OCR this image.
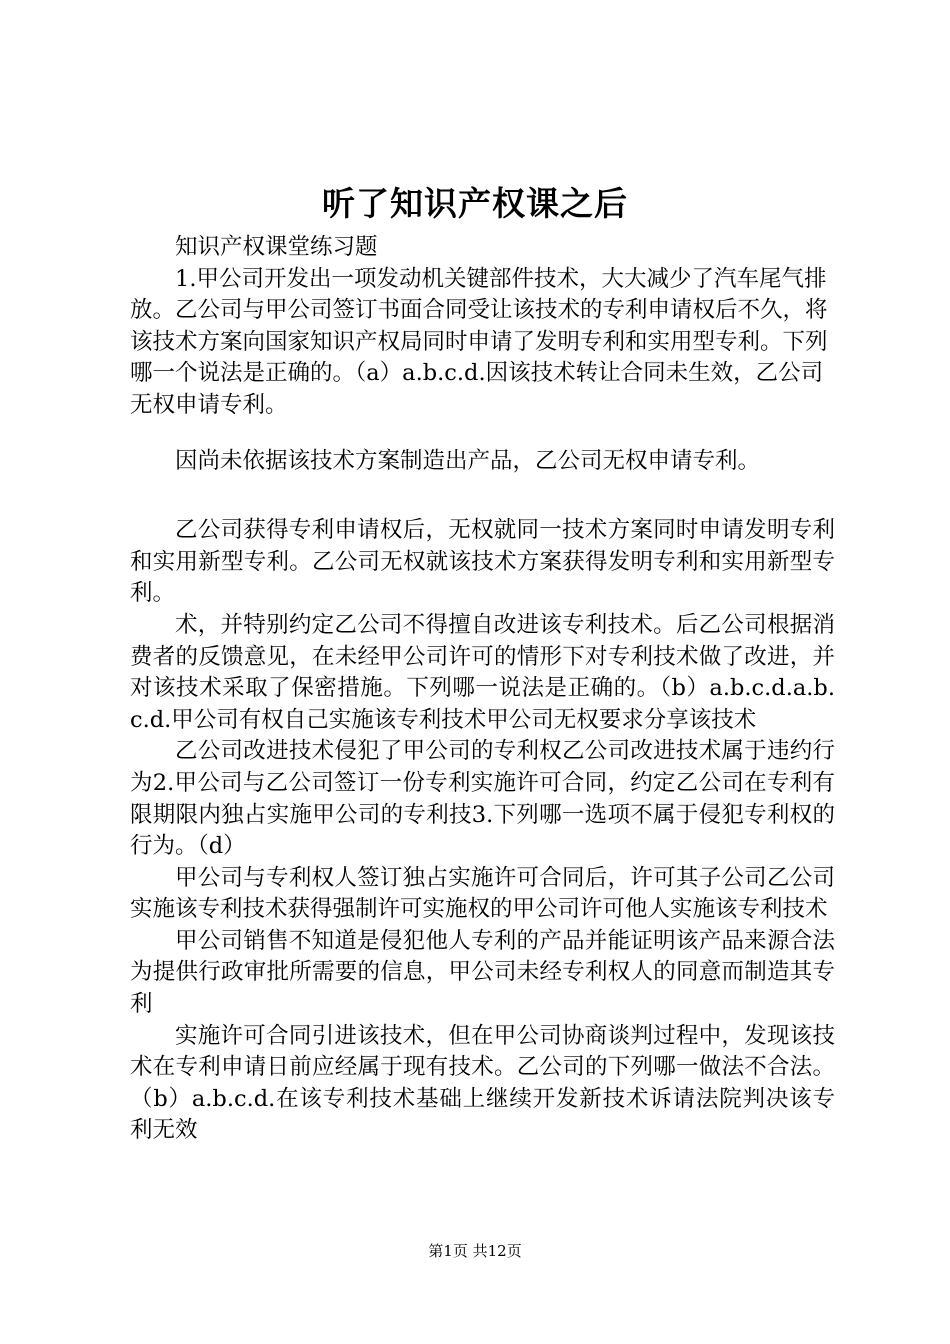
听了知识产权课之后

知识产权课堂练习题

1.甲公司开发出一项发动机关键部件技术，大大减少了汽车尾气排放。乙公司与甲公司签订书面合同受让该技术的专利申请权后不久，将该技术方案向国家知识产权局同时申请了发明专利和实用型专利。下列哪一个说法是正确的。（a）a.b.c.d.因该技术转让合同未生效，乙公司无权申请专利。

因尚未依据该技术方案制造出产品，乙公司无权申请专利。

乙公司获得专利申请权后，无权就同一技术方案同时申请发明专利和实用新型专利。乙公司无权就该技术方案获得发明专利和实用新型专利。

术，并特别约定乙公司不得擅自改进该专利技术。后乙公司根据消费者的反馈意见，在未经甲公司许可的情形下对专利技术做了改进，并对该技术采取了保密措施。下列哪一说法是正确的。（b）a.b.c.d.a.b.c.d.甲公司有权自己实施该专利技术甲公司无权要求分享该技术

乙公司改进技术侵犯了甲公司的专利权乙公司改进技术属于违约行为2.甲公司与乙公司签订一份专利实施许可合同，约定乙公司在专利有限期限内独占实施甲公司的专利技3.下列哪一选项不属于侵犯专利权的行为。（d）

甲公司与专利权人签订独占实施许可合同后，许可其子公司乙公司实施该专利技术获得强制许可实施权的甲公司许可他人实施该专利技术

甲公司销售不知道是侵犯他人专利的产品并能证明该产品来源合法为提供行政审批所需要的信息，甲公司未经专利权人的同意而制造其专利

实施许可合同引进该技术，但在甲公司协商谈判过程中，发现该技术在专利申请日前应经属于现有技术。乙公司的下列哪一做法不合法。（b）a.b.c.d.在该专利技术基础上继续开发新技术诉请法院判决该专利无效

第1页 共12页
